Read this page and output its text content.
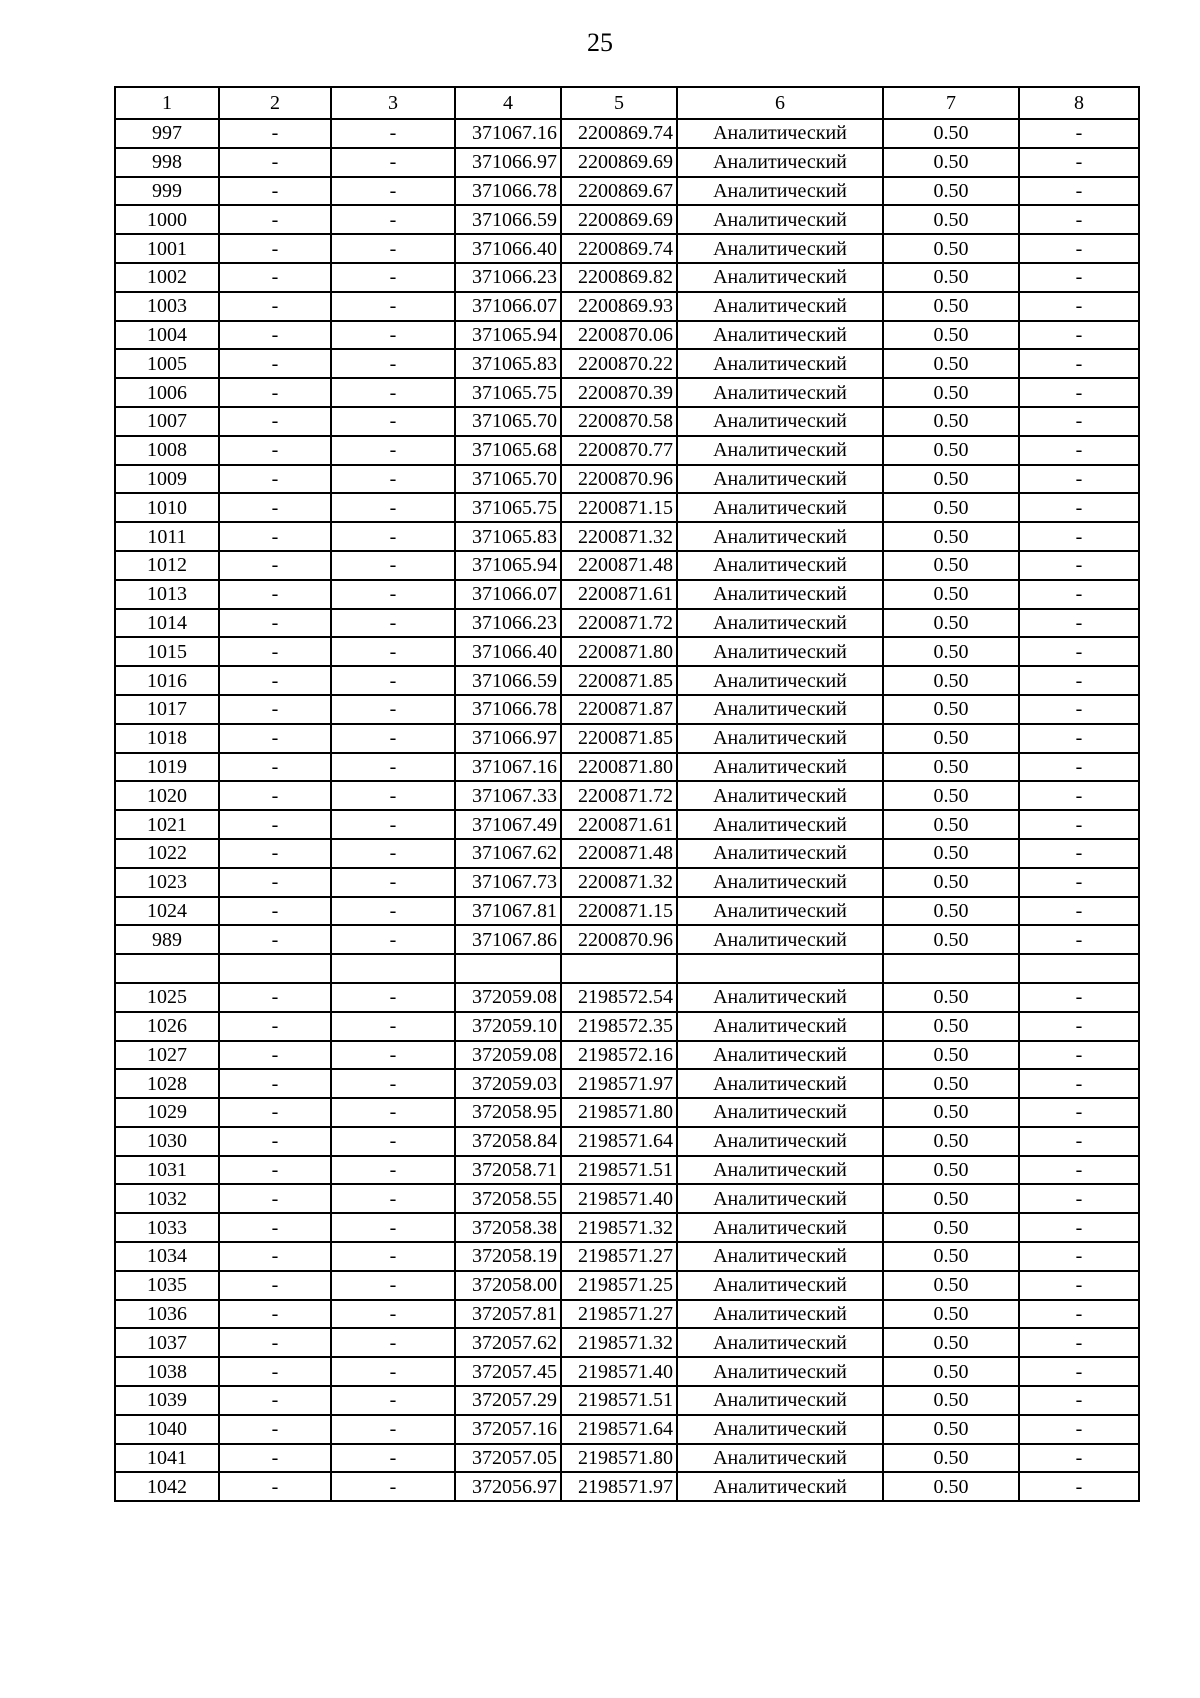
25
1	2	3	4	5	6	7	8
997	-	-	371067.16	2200869.74	Аналитический	0.50	-
998	-	-	371066.97	2200869.69	Аналитический	0.50	-
999	-	-	371066.78	2200869.67	Аналитический	0.50	-
1000	-	-	371066.59	2200869.69	Аналитический	0.50	-
1001	-	-	371066.40	2200869.74	Аналитический	0.50	-
1002	-	-	371066.23	2200869.82	Аналитический	0.50	-
1003	-	-	371066.07	2200869.93	Аналитический	0.50	-
1004	-	-	371065.94	2200870.06	Аналитический	0.50	-
1005	-	-	371065.83	2200870.22	Аналитический	0.50	-
1006	-	-	371065.75	2200870.39	Аналитический	0.50	-
1007	-	-	371065.70	2200870.58	Аналитический	0.50	-
1008	-	-	371065.68	2200870.77	Аналитический	0.50	-
1009	-	-	371065.70	2200870.96	Аналитический	0.50	-
1010	-	-	371065.75	2200871.15	Аналитический	0.50	-
1011	-	-	371065.83	2200871.32	Аналитический	0.50	-
1012	-	-	371065.94	2200871.48	Аналитический	0.50	-
1013	-	-	371066.07	2200871.61	Аналитический	0.50	-
1014	-	-	371066.23	2200871.72	Аналитический	0.50	-
1015	-	-	371066.40	2200871.80	Аналитический	0.50	-
1016	-	-	371066.59	2200871.85	Аналитический	0.50	-
1017	-	-	371066.78	2200871.87	Аналитический	0.50	-
1018	-	-	371066.97	2200871.85	Аналитический	0.50	-
1019	-	-	371067.16	2200871.80	Аналитический	0.50	-
1020	-	-	371067.33	2200871.72	Аналитический	0.50	-
1021	-	-	371067.49	2200871.61	Аналитический	0.50	-
1022	-	-	371067.62	2200871.48	Аналитический	0.50	-
1023	-	-	371067.73	2200871.32	Аналитический	0.50	-
1024	-	-	371067.81	2200871.15	Аналитический	0.50	-
989	-	-	371067.86	2200870.96	Аналитический	0.50	-

1025	-	-	372059.08	2198572.54	Аналитический	0.50	-
1026	-	-	372059.10	2198572.35	Аналитический	0.50	-
1027	-	-	372059.08	2198572.16	Аналитический	0.50	-
1028	-	-	372059.03	2198571.97	Аналитический	0.50	-
1029	-	-	372058.95	2198571.80	Аналитический	0.50	-
1030	-	-	372058.84	2198571.64	Аналитический	0.50	-
1031	-	-	372058.71	2198571.51	Аналитический	0.50	-
1032	-	-	372058.55	2198571.40	Аналитический	0.50	-
1033	-	-	372058.38	2198571.32	Аналитический	0.50	-
1034	-	-	372058.19	2198571.27	Аналитический	0.50	-
1035	-	-	372058.00	2198571.25	Аналитический	0.50	-
1036	-	-	372057.81	2198571.27	Аналитический	0.50	-
1037	-	-	372057.62	2198571.32	Аналитический	0.50	-
1038	-	-	372057.45	2198571.40	Аналитический	0.50	-
1039	-	-	372057.29	2198571.51	Аналитический	0.50	-
1040	-	-	372057.16	2198571.64	Аналитический	0.50	-
1041	-	-	372057.05	2198571.80	Аналитический	0.50	-
1042	-	-	372056.97	2198571.97	Аналитический	0.50	-
